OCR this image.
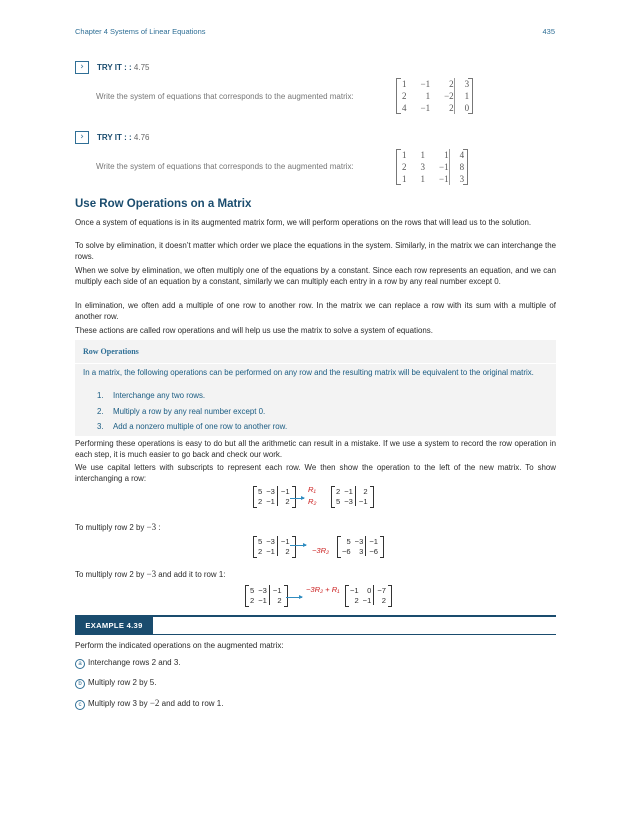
Chapter 4 Systems of Linear Equations	435
›	TRY IT : : 4.75
Write the system of equations that corresponds to the augmented matrix:
1	−1	2		3
2	1	−2		1
4	−1	2		0
›	TRY IT : : 4.76
Write the system of equations that corresponds to the augmented matrix:
1	1	1		4
2	3	−1		8
1	1	−1		3
Use Row Operations on a Matrix

Once a system of equations is in its augmented matrix form, we will perform operations on the rows that will lead us to the solution.

To solve by elimination, it doesn’t matter which order we place the equations in the system. Similarly, in the matrix we can interchange the rows.

When we solve by elimination, we often multiply one of the equations by a constant. Since each row represents an equation, and we can multiply each side of an equation by a constant, similarly we can multiply each entry in a row by any real number except 0.

In elimination, we often add a multiple of one row to another row. In the matrix we can replace a row with its sum with a multiple of another row.

These actions are called row operations and will help us use the matrix to solve a system of equations.

Row Operations
In a matrix, the following operations can be performed on any row and the resulting matrix will be equivalent to the original matrix.
1. Interchange any two rows.
2. Multiply a row by any real number except 0.
3. Add a nonzero multiple of one row to another row.

Performing these operations is easy to do but all the arithmetic can result in a mistake. If we use a system to record the row operation in each step, it is much easier to go back and check our work.

We use capital letters with subscripts to represent each row. We then show the operation to the left of the new matrix. To show interchanging a row:

5	−3		−1
2	−1		2
R₁
R₂
2	−1		2
5	−3		−1

To multiply row 2 by −3 :

5	−3		−1
2	−1		2	−3R₂
5	−3		−1
−6	3		−6

To multiply row 2 by −3 and add it to row 1:

5	−3		−1
2	−1		2
−3R₂ + R₁ −1	0		−7
2	−1		2
EXAMPLE 4.39
Perform the indicated operations on the augmented matrix:
a Interchange rows 2 and 3.
b Multiply row 2 by 5.
c Multiply row 3 by −2 and add to row 1.
